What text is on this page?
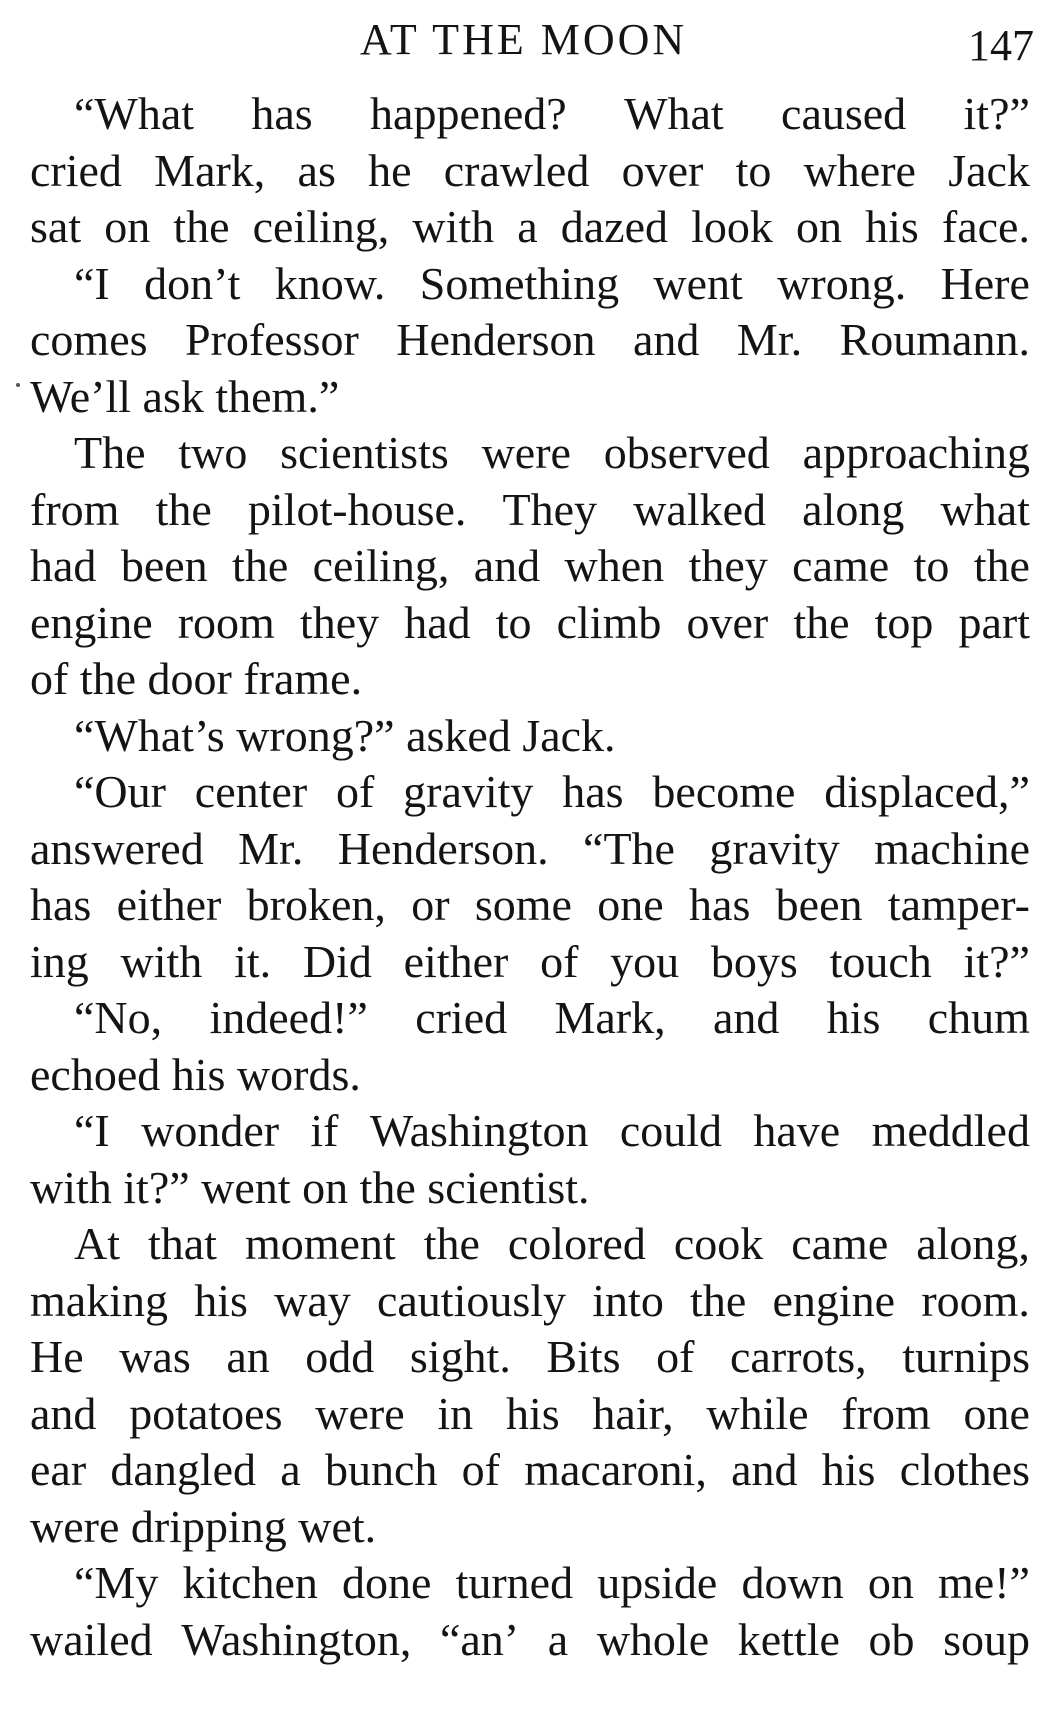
AT THE MOON	147
“What has happened? What caused it?”
cried Mark, as he crawled over to where Jack
sat on the ceiling, with a dazed look on his face.
“I don’t know. Something went wrong. Here
comes Professor Henderson and Mr. Roumann.
We’ll ask them.”
The two scientists were observed approaching
from the pilot-house. They walked along what
had been the ceiling, and when they came to the
engine room they had to climb over the top part
of the door frame.
“What’s wrong?” asked Jack.
“Our center of gravity has become displaced,”
answered Mr. Henderson. “The gravity machine
has either broken, or some one has been tamper-
ing with it. Did either of you boys touch it?”
“No, indeed!” cried Mark, and his chum
echoed his words.
“I wonder if Washington could have meddled
with it?” went on the scientist.
At that moment the colored cook came along,
making his way cautiously into the engine room.
He was an odd sight. Bits of carrots, turnips
and potatoes were in his hair, while from one
ear dangled a bunch of macaroni, and his clothes
were dripping wet.
“My kitchen done turned upside down on me!”
wailed Washington, “an’ a whole kettle ob soup
